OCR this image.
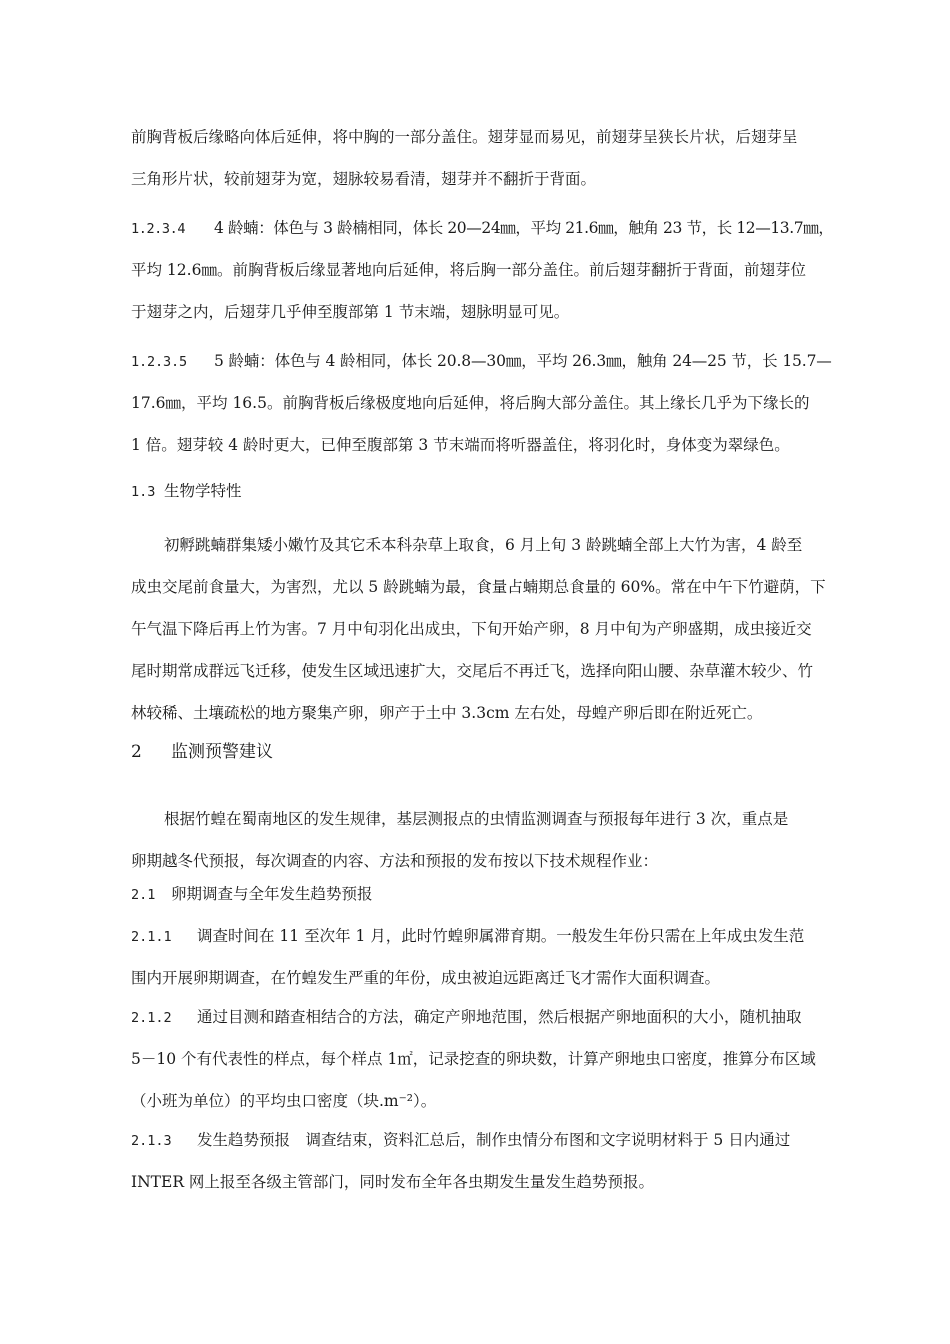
前胸背板后缘略向体后延伸，将中胸的一部分盖住。翅芽显而易见，前翅芽呈狭长片状，后翅芽呈
三角形片状，较前翅芽为宽，翅脉较易看清，翅芽并不翻折于背面。
1.2.3.4 4 龄蝻：体色与 3 龄楠相同，体长 20—24㎜，平均 21.6㎜，触角 23 节，长 12—13.7㎜，
平均 12.6㎜。前胸背板后缘显著地向后延伸，将后胸一部分盖住。前后翅芽翻折于背面，前翅芽位
于翅芽之内，后翅芽几乎伸至腹部第 1 节末端，翅脉明显可见。
1.2.3.5 5 龄蝻：体色与 4 龄相同，体长 20.8—30㎜，平均 26.3㎜，触角 24—25 节，长 15.7—
17.6㎜，平均 16.5。前胸背板后缘极度地向后延伸，将后胸大部分盖住。其上缘长几乎为下缘长的
1 倍。翅芽较 4 龄时更大，已伸至腹部第 3 节末端而将听器盖住，将羽化时，身体变为翠绿色。
1.3 生物学特性
初孵跳蝻群集矮小嫩竹及其它禾本科杂草上取食，6 月上旬 3 龄跳蝻全部上大竹为害，4 龄至
成虫交尾前食量大，为害烈，尤以 5 龄跳蝻为最，食量占蝻期总食量的 60%。常在中午下竹避荫，下
午气温下降后再上竹为害。7 月中旬羽化出成虫，下旬开始产卵，8 月中旬为产卵盛期，成虫接近交
尾时期常成群远飞迁移，使发生区域迅速扩大，交尾后不再迁飞，选择向阳山腰、杂草灌木较少、竹
林较稀、土壤疏松的地方聚集产卵，卵产于土中 3.3cm 左右处，母蝗产卵后即在附近死亡。
2 监测预警建议
根据竹蝗在蜀南地区的发生规律，基层测报点的虫情监测调查与预报每年进行 3 次，重点是
卵期越冬代预报，每次调查的内容、方法和预报的发布按以下技术规程作业：
2.1 卵期调查与全年发生趋势预报
2.1.1 调查时间在 11 至次年 1 月，此时竹蝗卵属滞育期。一般发生年份只需在上年成虫发生范
围内开展卵期调查，在竹蝗发生严重的年份，成虫被迫远距离迁飞才需作大面积调查。
2.1.2 通过目测和踏查相结合的方法，确定产卵地范围，然后根据产卵地面积的大小，随机抽取
5－10 个有代表性的样点，每个样点 1㎡，记录挖查的卵块数，计算产卵地虫口密度，推算分布区域
（小班为单位）的平均虫口密度（块.m⁻²）。
2.1.3 发生趋势预报　调查结束，资料汇总后，制作虫情分布图和文字说明材料于 5 日内通过
INTER 网上报至各级主管部门，同时发布全年各虫期发生量发生趋势预报。
